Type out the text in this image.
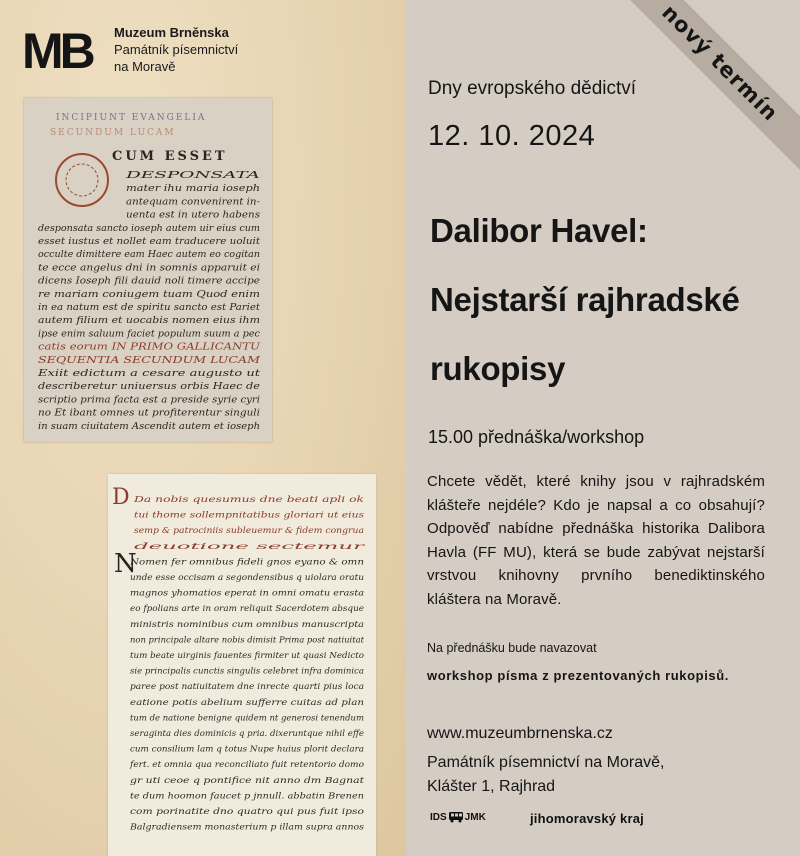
MB Muzeum Brněnska
Památník písemnictví
na Moravě
INCIPIUNT EVANGELIA
SECUNDUM LUCAM
CUM ESSET
DESPONSATA
mater ihu maria ioseph
antequam convenirent in-
uenta est in utero habens
desponsata sancto ioseph autem uir eius cum
esset iustus et nollet eam traducere uoluit
occulte dimittere eam Haec autem eo cogitan
te ecce angelus dni in somnis apparuit ei
dicens Ioseph fili dauid noli timere accipe
re mariam coniugem tuam Quod enim
in ea natum est de spiritu sancto est Pariet
autem filium et uocabis nomen eius ihm
ipse enim saluum faciet populum suum a pec
catis eorum IN PRIMO GALLICANTU
SEQUENTIA SECUNDUM LUCAM
Exiit edictum a cesare augusto ut
describeretur uniuersus orbis Haec de
scriptio prima facta est a preside syrie cyri
no Et ibant omnes ut profiterentur singuli
in suam ciuitatem Ascendit autem et ioseph
D
N
Da nobis quesumus dne beati apli ok
tui thome sollempnitatibus gloriari ut eius
semp & patrociniis subleuemur & fidem congrua
deuotione sectemur
Nomen fer omnibus fideli gnos eyano & omn
unde esse occisam a segondensibus q uiolara oratu
magnos yhomatios eperat in omni omatu erasta
eo fpolians arte in oram reliquit Sacerdotem absque
ministris nominibus cum omnibus manuscripta
non principale altare nobis dimisit Prima post natiuitat
tum beate uirginis fauentes firmiter ut quasi Nedicto
sie principalis cunctis singulis celebret infra dominica
paree post natiuitatem dne inrecte quarti pius loca
eatione potis abelium sufferre cuitas ad plan
tum de natione benigne quidem nt generosi tenendum
seraginta dies dominicis q pria. dixeruntque nihil effe
cum consilium lam q totus Nupe huius plorit declara
fert. et omnia qua reconciliato fuit retentorio domo
gr uti ceoe q pontifice nit anno dm Bagnat
te dum hoomon faucet p jnnull. abbatin Brenen
com porinatite dno quatro qui pus fuit ipso
Balgradiensem monasterium p illam supra annos
nový termín
Dny evropského dědictví
12. 10. 2024
Dalibor Havel:
Nejstarší rajhradské
rukopisy
15.00 přednáška/workshop
Chcete vědět, které knihy jsou v rajhradském klášteře nejdéle? Kdo je napsal a co obsahují? Odpověď nabídne přednáška historika Dalibora Havla (FF MU), která se bude zabývat nejstarší vrstvou knihovny prvního benediktinského kláštera na Moravě.
Na přednášku bude navazovat
workshop písma z prezentovaných rukopisů.
www.muzeumbrnenska.cz
Památník písemnictví na Moravě,
Klášter 1, Rajhrad
IDS JMK	jihomoravský kraj
